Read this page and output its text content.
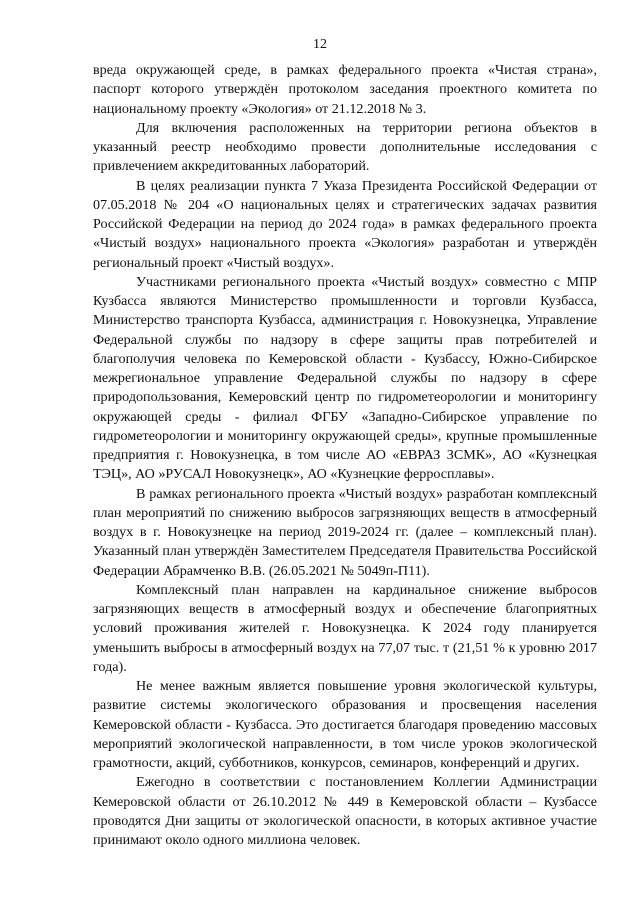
12

вреда окружающей среде, в рамках федерального проекта «Чистая страна», паспорт которого утверждён протоколом заседания проектного комитета по национальному проекту «Экология» от 21.12.2018 № 3.

Для включения расположенных на территории региона объектов в указанный реестр необходимо провести дополнительные исследования с привлечением аккредитованных лабораторий.

В целях реализации пункта 7 Указа Президента Российской Федерации от 07.05.2018 № 204 «О национальных целях и стратегических задачах развития Российской Федерации на период до 2024 года» в рамках федерального проекта «Чистый воздух» национального проекта «Экология» разработан и утверждён региональный проект «Чистый воздух».

Участниками регионального проекта «Чистый воздух» совместно с МПР Кузбасса являются Министерство промышленности и торговли Кузбасса, Министерство транспорта Кузбасса, администрация г. Новокузнецка, Управление Федеральной службы по надзору в сфере защиты прав потребителей и благополучия человека по Кемеровской области - Кузбассу, Южно-Сибирское межрегиональное управление Федеральной службы по надзору в сфере природопользования, Кемеровский центр по гидрометеорологии и мониторингу окружающей среды - филиал ФГБУ «Западно-Сибирское управление по гидрометеорологии и мониторингу окружающей среды», крупные промышленные предприятия г. Новокузнецка, в том числе АО «ЕВРАЗ ЗСМК», АО «Кузнецкая ТЭЦ», АО »РУСАЛ Новокузнецк», АО «Кузнецкие ферросплавы».

В рамках регионального проекта «Чистый воздух» разработан комплексный план мероприятий по снижению выбросов загрязняющих веществ в атмосферный воздух в г. Новокузнецке на период 2019-2024 гг. (далее – комплексный план). Указанный план утверждён Заместителем Председателя Правительства Российской Федерации Абрамченко В.В. (26.05.2021 № 5049п-П11).

Комплексный план направлен на кардинальное снижение выбросов загрязняющих веществ в атмосферный воздух и обеспечение благоприятных условий проживания жителей г. Новокузнецка. К 2024 году планируется уменьшить выбросы в атмосферный воздух на 77,07 тыс. т (21,51 % к уровню 2017 года).

Не менее важным является повышение уровня экологической культуры, развитие системы экологического образования и просвещения населения Кемеровской области - Кузбасса. Это достигается благодаря проведению массовых мероприятий экологической направленности, в том числе уроков экологической грамотности, акций, субботников, конкурсов, семинаров, конференций и других.

Ежегодно в соответствии с постановлением Коллегии Администрации Кемеровской области от 26.10.2012 № 449 в Кемеровской области – Кузбассе проводятся Дни защиты от экологической опасности, в которых активное участие принимают около одного миллиона человек.
